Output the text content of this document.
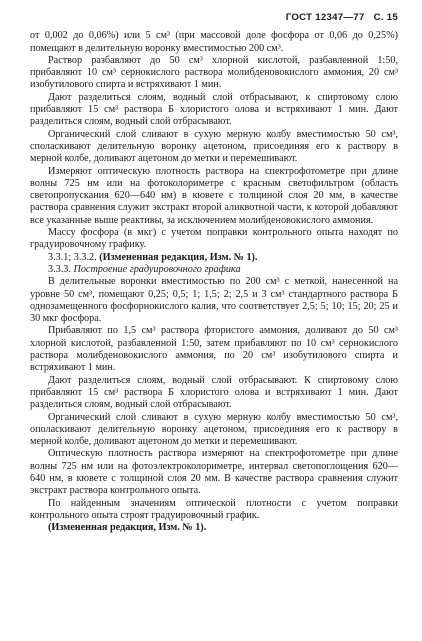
ГОСТ 12347—77 С. 15

от 0,002 до 0,06%) или 5 см³ (при массовой доле фосфора от 0,06 до 0,25%) помещают в делительную воронку вместимостью 200 см³.

Раствор разбавляют до 50 см³ хлорной кислотой, разбавленной 1:50, прибавляют 10 см³ сернокислого раствора молибденовокислого аммония, 20 см³ изобутилового спирта и встряхивают 1 мин.

Дают разделиться слоям, водный слой отбрасывают, к спиртовому слою прибавляют 15 см³ раствора Б хлористого олова и встряхивают 1 мин. Дают разделиться слоям, водный слой отбрасывают.

Органический слой сливают в сухую мерную колбу вместимостью 50 см³, споласкивают делительную воронку ацетоном, присоединяя его к раствору в мерной колбе, доливают ацетоном до метки и перемешивают.

Измеряют оптическую плотность раствора на спектрофотометре при длине волны 725 нм или на фотоколориметре с красным светофильтром (область светопропускания 620—640 нм) в кювете с толщиной слоя 20 мм, в качестве раствора сравнения служит экстракт второй аликвотной части, к которой добавляют все указанные выше реактивы, за исключением молибденовокислого аммония.

Массу фосфора (в мкг) с учетом поправки контрольного опыта находят по градуировочному графику.

3.3.1; 3.3.2. (Измененная редакция, Изм. № 1).

3.3.3. Построение градуировочного графика

В делительные воронки вместимостью по 200 см³ с меткой, нанесенной на уровне 50 см³, помещают 0,25; 0,5; 1; 1,5; 2; 2,5 и 3 см³ стандартного раствора Б однозамещенного фосфорнокислого калия, что соответствует 2,5; 5; 10; 15; 20; 25 и 30 мкг фосфора.

Прибавляют по 1,5 см³ раствора фтористого аммония, доливают до 50 см³ хлорной кислотой, разбавленной 1:50, затем прибавляют по 10 см³ сернокислого раствора молибденовокислого аммония, по 20 см³ изобутилового спирта и встряхивают 1 мин.

Дают разделиться слоям, водный слой отбрасывают. К спиртовому слою прибавляют 15 см³ раствора Б хлористого олова и встряхивают 1 мин. Дают разделиться слоям, водный слой отбрасывают.

Органический слой сливают в сухую мерную колбу вместимостью 50 см³, ополаскивают делительную воронку ацетоном, присоединяя его к раствору в мерной колбе, доливают ацетоном до метки и перемешивают.

Оптическую плотность раствора измеряют на спектрофотометре при длине волны 725 нм или на фотоэлектроколориметре, интервал светопоглощения 620—640 нм, в кювете с толщиной слоя 20 мм. В качестве раствора сравнения служит экстракт раствора контрольного опыта.

По найденным значениям оптической плотности с учетом поправки контрольного опыта строят градуировочный график.

(Измененная редакция, Изм. № 1).
